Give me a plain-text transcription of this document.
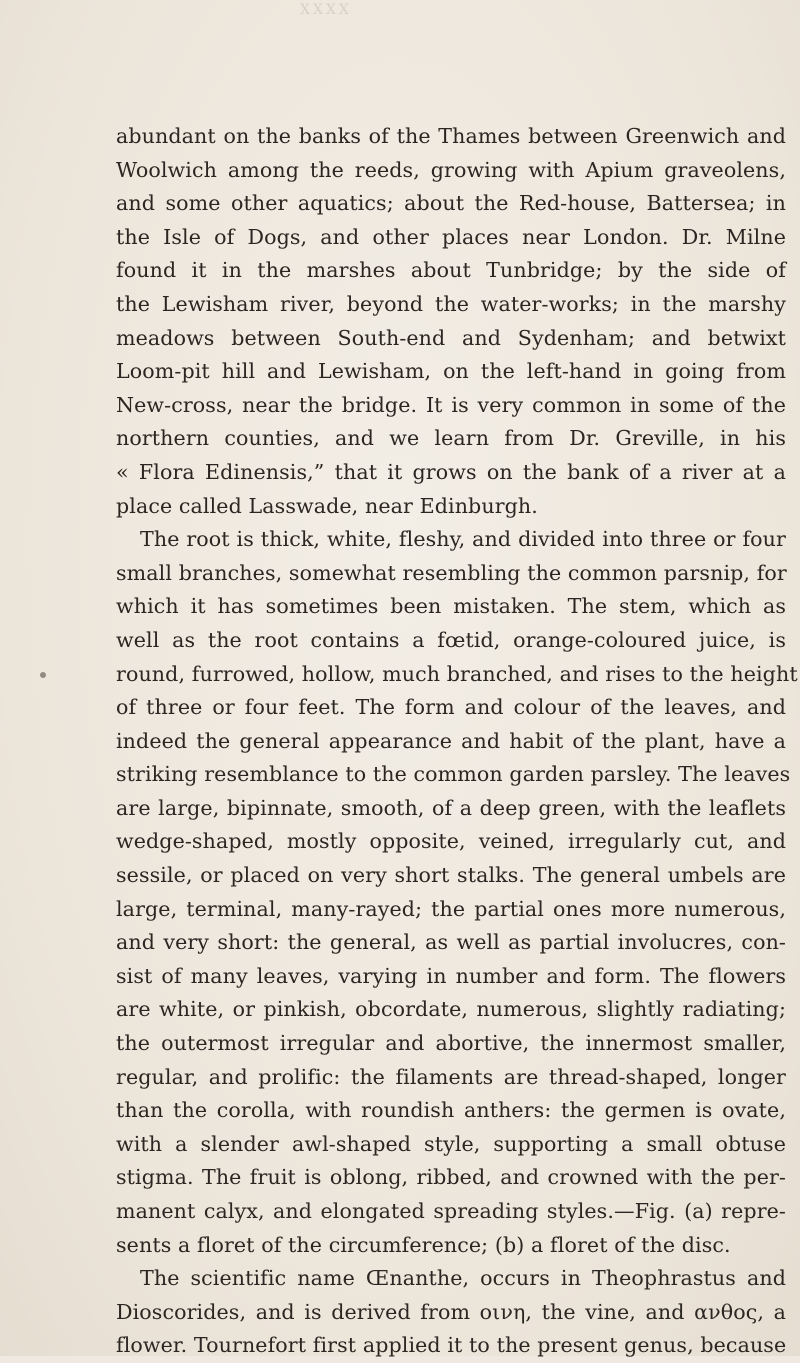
XXXX

abundant on the banks of the Thames between Greenwich and
Woolwich among the reeds, growing with Apium graveolens,
and some other aquatics; about the Red-house, Battersea; in
the Isle of Dogs, and other places near London. Dr. Milne
found it in the marshes about Tunbridge; by the side of
the Lewisham river, beyond the water-works; in the marshy
meadows between South-end and Sydenham; and betwixt
Loom-pit hill and Lewisham, on the left-hand in going from
New-cross, near the bridge. It is very common in some of the
northern counties, and we learn from Dr. Greville, in his
« Flora Edinensis,” that it grows on the bank of a river at a
place called Lasswade, near Edinburgh.

The root is thick, white, fleshy, and divided into three or four
small branches, somewhat resembling the common parsnip, for
which it has sometimes been mistaken. The stem, which as
well as the root contains a fœtid, orange-coloured juice, is
round, furrowed, hollow, much branched, and rises to the height
of three or four feet. The form and colour of the leaves, and
indeed the general appearance and habit of the plant, have a
striking resemblance to the common garden parsley. The leaves
are large, bipinnate, smooth, of a deep green, with the leaflets
wedge-shaped, mostly opposite, veined, irregularly cut, and
sessile, or placed on very short stalks. The general umbels are
large, terminal, many-rayed; the partial ones more numerous,
and very short: the general, as well as partial involucres, con-
sist of many leaves, varying in number and form. The flowers
are white, or pinkish, obcordate, numerous, slightly radiating;
the outermost irregular and abortive, the innermost smaller,
regular, and prolific: the filaments are thread-shaped, longer
than the corolla, with roundish anthers: the germen is ovate,
with a slender awl-shaped style, supporting a small obtuse
stigma. The fruit is oblong, ribbed, and crowned with the per-
manent calyx, and elongated spreading styles.—Fig. (a) repre-
sents a floret of the circumference; (b) a floret of the disc.

The scientific name Œnanthe, occurs in Theophrastus and
Dioscorides, and is derived from οινη, the vine, and ανθος, a
flower. Tournefort first applied it to the present genus, because
